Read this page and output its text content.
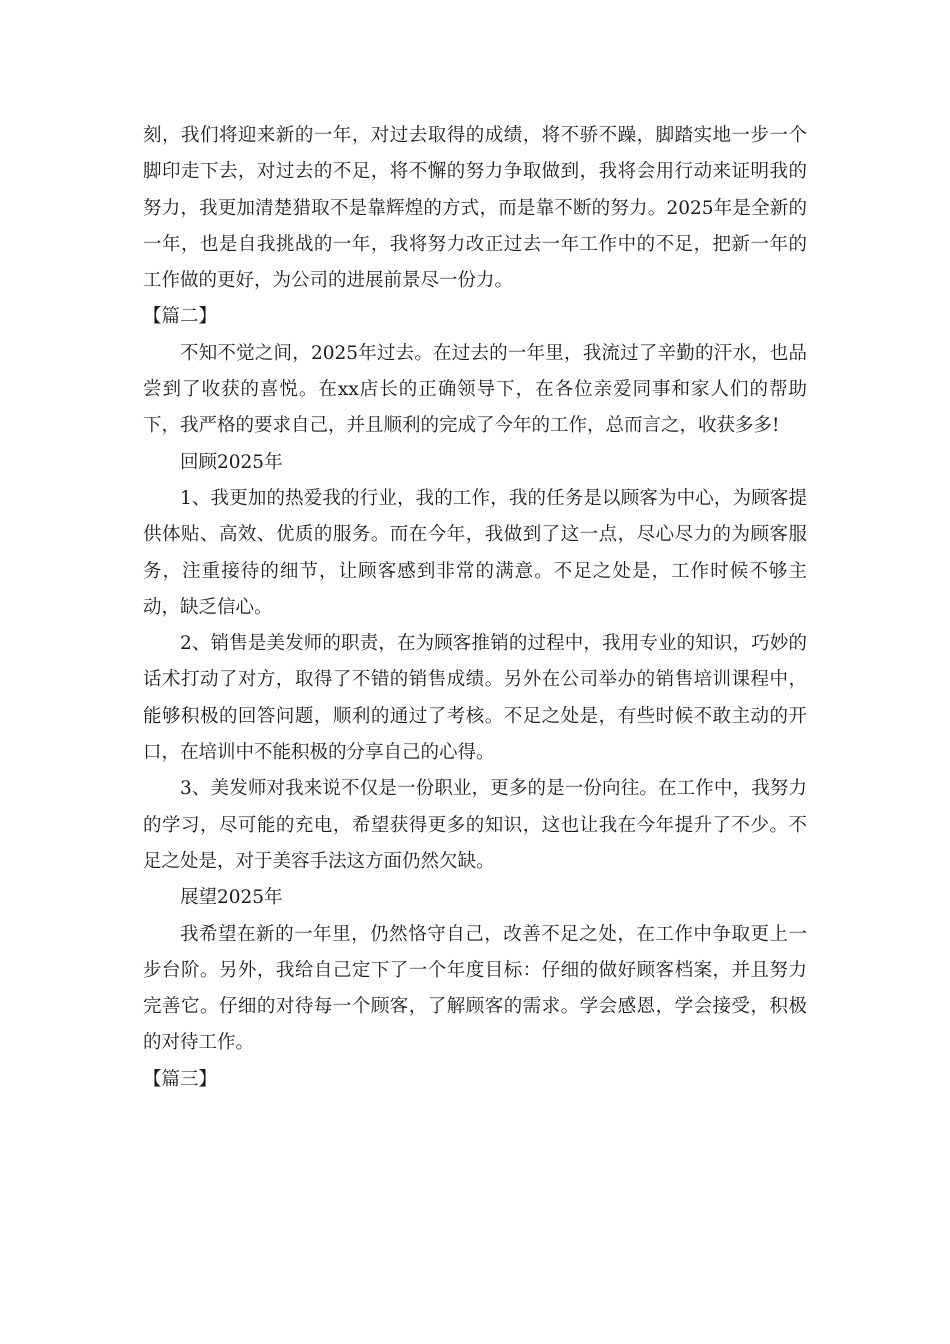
刻，我们将迎来新的一年，对过去取得的成绩，将不骄不躁，脚踏实地一步一个脚印走下去，对过去的不足，将不懈的努力争取做到，我将会用行动来证明我的努力，我更加清楚猎取不是靠辉煌的方式，而是靠不断的努力。2025年是全新的一年，也是自我挑战的一年，我将努力改正过去一年工作中的不足，把新一年的工作做的更好，为公司的进展前景尽一份力。

【篇二】

不知不觉之间，2025年过去。在过去的一年里，我流过了辛勤的汗水，也品尝到了收获的喜悦。在xx店长的正确领导下，在各位亲爱同事和家人们的帮助下，我严格的要求自己，并且顺利的完成了今年的工作，总而言之，收获多多!

回顾2025年

1、我更加的热爱我的行业，我的工作，我的任务是以顾客为中心，为顾客提供体贴、高效、优质的服务。而在今年，我做到了这一点，尽心尽力的为顾客服务，注重接待的细节，让顾客感到非常的满意。不足之处是，工作时候不够主动，缺乏信心。

2、销售是美发师的职责，在为顾客推销的过程中，我用专业的知识，巧妙的话术打动了对方，取得了不错的销售成绩。另外在公司举办的销售培训课程中，能够积极的回答问题，顺利的通过了考核。不足之处是，有些时候不敢主动的开口，在培训中不能积极的分享自己的心得。

3、美发师对我来说不仅是一份职业，更多的是一份向往。在工作中，我努力的学习，尽可能的充电，希望获得更多的知识，这也让我在今年提升了不少。不足之处是，对于美容手法这方面仍然欠缺。

展望2025年

我希望在新的一年里，仍然恪守自己，改善不足之处，在工作中争取更上一步台阶。另外，我给自己定下了一个年度目标：仔细的做好顾客档案，并且努力完善它。仔细的对待每一个顾客，了解顾客的需求。学会感恩，学会接受，积极的对待工作。

【篇三】
